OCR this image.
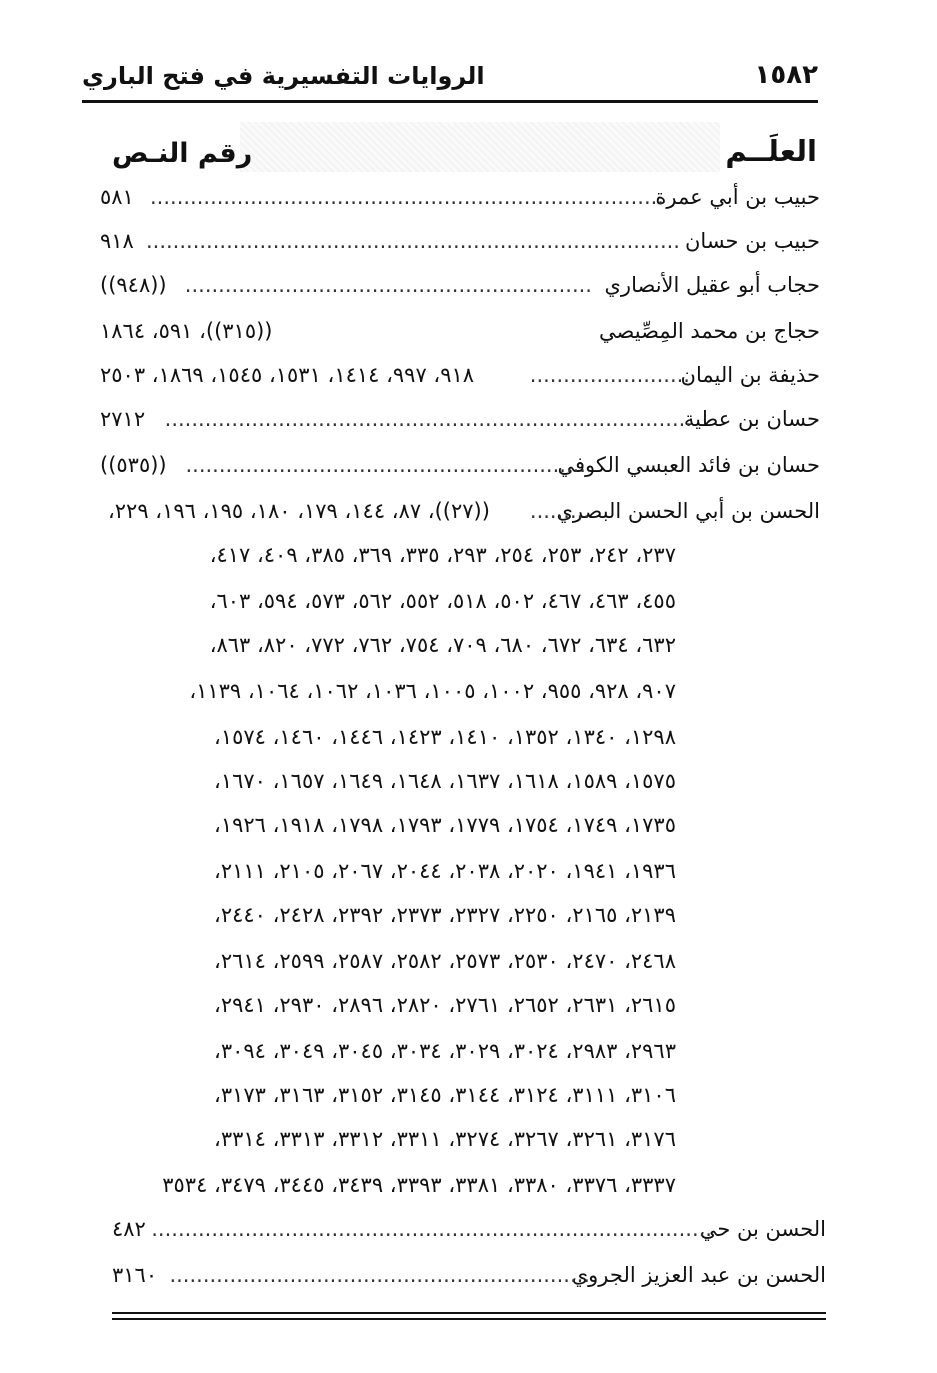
١٥٨٢
الروايات التفسيرية في فتح الباري
العلَــم
رقم النـص
حبيب بن أبي عمرة
.....
٥٨١
حبيب بن حسان
.....
٩١٨
حجاب أبو عقيل الأنصاري
.....
((٩٤٨))
حجاج بن محمد المِصِّيصي
((٣١٥))، ٥٩١، ١٨٦٤
حذيفة بن اليمان
.....
٩١٨، ٩٩٧، ١٤١٤، ١٥٣١، ١٥٤٥، ١٨٦٩، ٢٥٠٣
حسان بن عطية
.....
٢٧١٢
حسان بن فائد العبسي الكوفي
.....
((٥٣٥))
الحسن بن أبي الحسن البصري
.....
((٢٧))، ٨٧، ١٤٤، ١٧٩، ١٨٠، ١٩٥، ١٩٦، ٢٢٩،
٢٣٧، ٢٤٢، ٢٥٣، ٢٥٤، ٢٩٣، ٣٣٥، ٣٦٩، ٣٨٥، ٤٠٩، ٤١٧،
٤٥٥، ٤٦٣، ٤٦٧، ٥٠٢، ٥١٨، ٥٥٢، ٥٦٢، ٥٧٣، ٥٩٤، ٦٠٣،
٦٣٢، ٦٣٤، ٦٧٢، ٦٨٠، ٧٠٩، ٧٥٤، ٧٦٢، ٧٧٢، ٨٢٠، ٨٦٣،
٩٠٧، ٩٢٨، ٩٥٥، ١٠٠٢، ١٠٠٥، ١٠٣٦، ١٠٦٢، ١٠٦٤، ١١٣٩،
١٢٩٨، ١٣٤٠، ١٣٥٢، ١٤١٠، ١٤٢٣، ١٤٤٦، ١٤٦٠، ١٥٧٤،
١٥٧٥، ١٥٨٩، ١٦١٨، ١٦٣٧، ١٦٤٨، ١٦٤٩، ١٦٥٧، ١٦٧٠،
١٧٣٥، ١٧٤٩، ١٧٥٤، ١٧٧٩، ١٧٩٣، ١٧٩٨، ١٩١٨، ١٩٢٦،
١٩٣٦، ١٩٤١، ٢٠٢٠، ٢٠٣٨، ٢٠٤٤، ٢٠٦٧، ٢١٠٥، ٢١١١،
٢١٣٩، ٢١٦٥، ٢٢٥٠، ٢٣٢٧، ٢٣٧٣، ٢٣٩٢، ٢٤٢٨، ٢٤٤٠،
٢٤٦٨، ٢٤٧٠، ٢٥٣٠، ٢٥٧٣، ٢٥٨٢، ٢٥٨٧، ٢٥٩٩، ٢٦١٤،
٢٦١٥، ٢٦٣١، ٢٦٥٢، ٢٧٦١، ٢٨٢٠، ٢٨٩٦، ٢٩٣٠، ٢٩٤١،
٢٩٦٣، ٢٩٨٣، ٣٠٢٤، ٣٠٢٩، ٣٠٣٤، ٣٠٤٥، ٣٠٤٩، ٣٠٩٤،
٣١٠٦، ٣١١١، ٣١٢٤، ٣١٤٤، ٣١٤٥، ٣١٥٢، ٣١٦٣، ٣١٧٣،
٣١٧٦، ٣٢٦١، ٣٢٦٧، ٣٢٧٤، ٣٣١١، ٣٣١٢، ٣٣١٣، ٣٣١٤،
٣٣٣٧، ٣٣٧٦، ٣٣٨٠، ٣٣٨١، ٣٣٩٣، ٣٤٣٩، ٣٤٤٥، ٣٤٧٩، ٣٥٣٤
الحسن بن حي
.....
٤٨٢
الحسن بن عبد العزيز الجروي
.....
٣١٦٠
